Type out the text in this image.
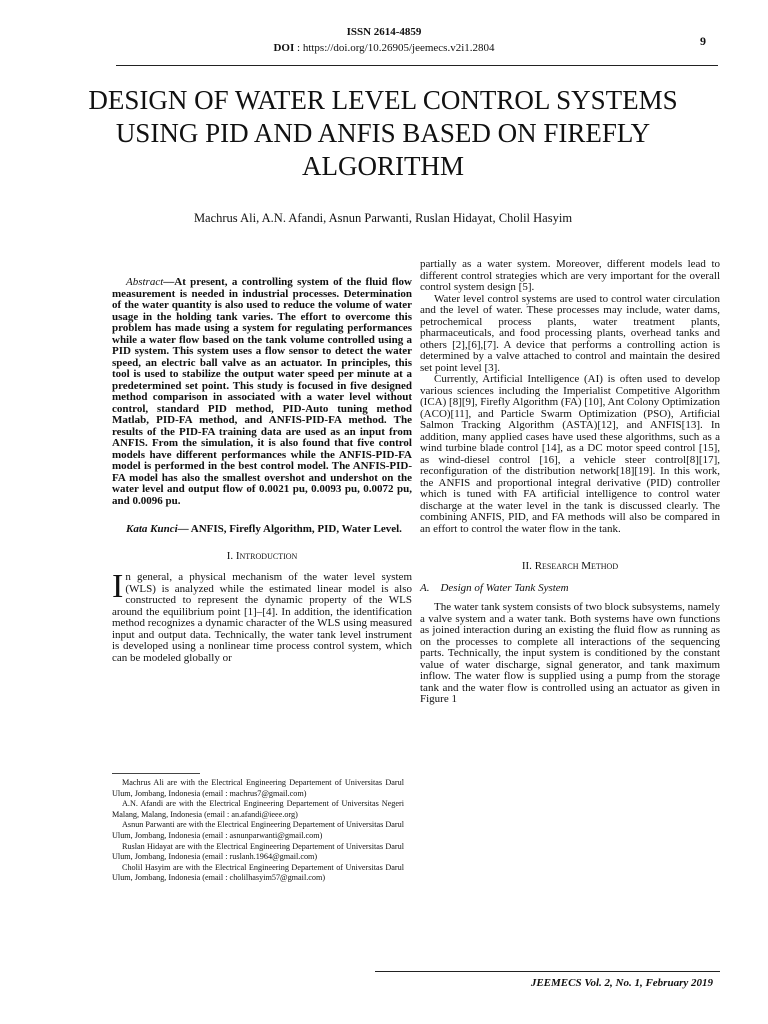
ISSN 2614-4859
DOI : https://doi.org/10.26905/jeemecs.v2i1.2804	9
DESIGN OF WATER LEVEL CONTROL SYSTEMS USING PID AND ANFIS BASED ON FIREFLY ALGORITHM
Machrus Ali, A.N. Afandi, Asnun Parwanti, Ruslan Hidayat, Cholil Hasyim

Abstract—At present, a controlling system of the fluid flow measurement is needed in industrial processes. Determination of the water quantity is also used to reduce the volume of water usage in the holding tank varies. The effort to overcome this problem has made using a system for regulating performances while a water flow based on the tank volume controlled using a PID system. This system uses a flow sensor to detect the water speed, an electric ball valve as an actuator. In principles, this tool is used to stabilize the output water speed per minute at a predetermined set point. This study is focused in five designed method comparison in associated with a water level without control, standard PID method, PID-Auto tuning method Matlab, PID-FA method, and ANFIS-PID-FA method. The results of the PID-FA training data are used as an input from ANFIS. From the simulation, it is also found that five control models have different performances while the ANFIS-PID-FA model is performed in the best control model. The ANFIS-PID-FA model has also the smallest overshot and undershot on the water level and output flow of 0.0021 pu, 0.0093 pu, 0.0072 pu, and 0.0096 pu.

Kata Kunci— ANFIS, Firefly Algorithm, PID, Water Level.

I. Introduction

In general, a physical mechanism of the water level system (WLS) is analyzed while the estimated linear model is also constructed to represent the dynamic property of the WLS around the equilibrium point [1]–[4]. In addition, the identification method recognizes a dynamic character of the WLS using measured input and output data. Technically, the water tank level instrument is developed using a nonlinear time process control system, which can be modeled globally or

partially as a water system. Moreover, different models lead to different control strategies which are very important for the overall control system design [5].

Water level control systems are used to control water circulation and the level of water. These processes may include, water dams, petrochemical process plants, water treatment plants, pharmaceuticals, and food processing plants, overhead tanks and others [2],[6],[7]. A device that performs a controlling action is determined by a valve attached to control and maintain the desired set point level [3].

Currently, Artificial Intelligence (AI) is often used to develop various sciences including the Imperialist Competitive Algorithm (ICA) [8][9], Firefly Algorithm (FA) [10], Ant Colony Optimization (ACO)[11], and Particle Swarm Optimization (PSO), Artificial Salmon Tracking Algorithm (ASTA)[12], and ANFIS[13]. In addition, many applied cases have used these algorithms, such as a wind turbine blade control [14], as a DC motor speed control [15], as wind-diesel control [16], a vehicle steer control[8][17], reconfiguration of the distribution network[18][19]. In this work, the ANFIS and proportional integral derivative (PID) controller which is tuned with FA artificial intelligence to control water discharge at the water level in the tank is discussed clearly. The combining ANFIS, PID, and FA methods will also be compared in an effort to control the water flow in the tank.

II. Research Method
A. Design of Water Tank System

The water tank system consists of two block subsystems, namely a valve system and a water tank. Both systems have own functions as joined interaction during an existing the fluid flow as running as on the processes to complete all interactions of the sequencing parts. Technically, the input system is conditioned by the constant value of water discharge, signal generator, and tank maximum inflow. The water flow is supplied using a pump from the storage tank and the water flow is controlled using an actuator as given in Figure 1

Machrus Ali are with the Electrical Engineering Departement of Universitas Darul Ulum, Jombang, Indonesia (email : machrus7@gmail.com)

A.N. Afandi are with the Electrical Engineering Departement of Universitas Negeri Malang, Malang, Indonesia (email : an.afandi@ieee.org)

Asnun Parwanti are with the Electrical Engineering Departement of Universitas Darul Ulum, Jombang, Indonesia (email : asnunparwanti@gmail.com)

Ruslan Hidayat are with the Electrical Engineering Departement of Universitas Darul Ulum, Jombang, Indonesia (email : ruslanh.1964@gmail.com)

Cholil Hasyim are with the Electrical Engineering Departement of Universitas Darul Ulum, Jombang, Indonesia (email : cholilhasyim57@gmail.com)

JEEMECS Vol. 2, No. 1, February 2019
